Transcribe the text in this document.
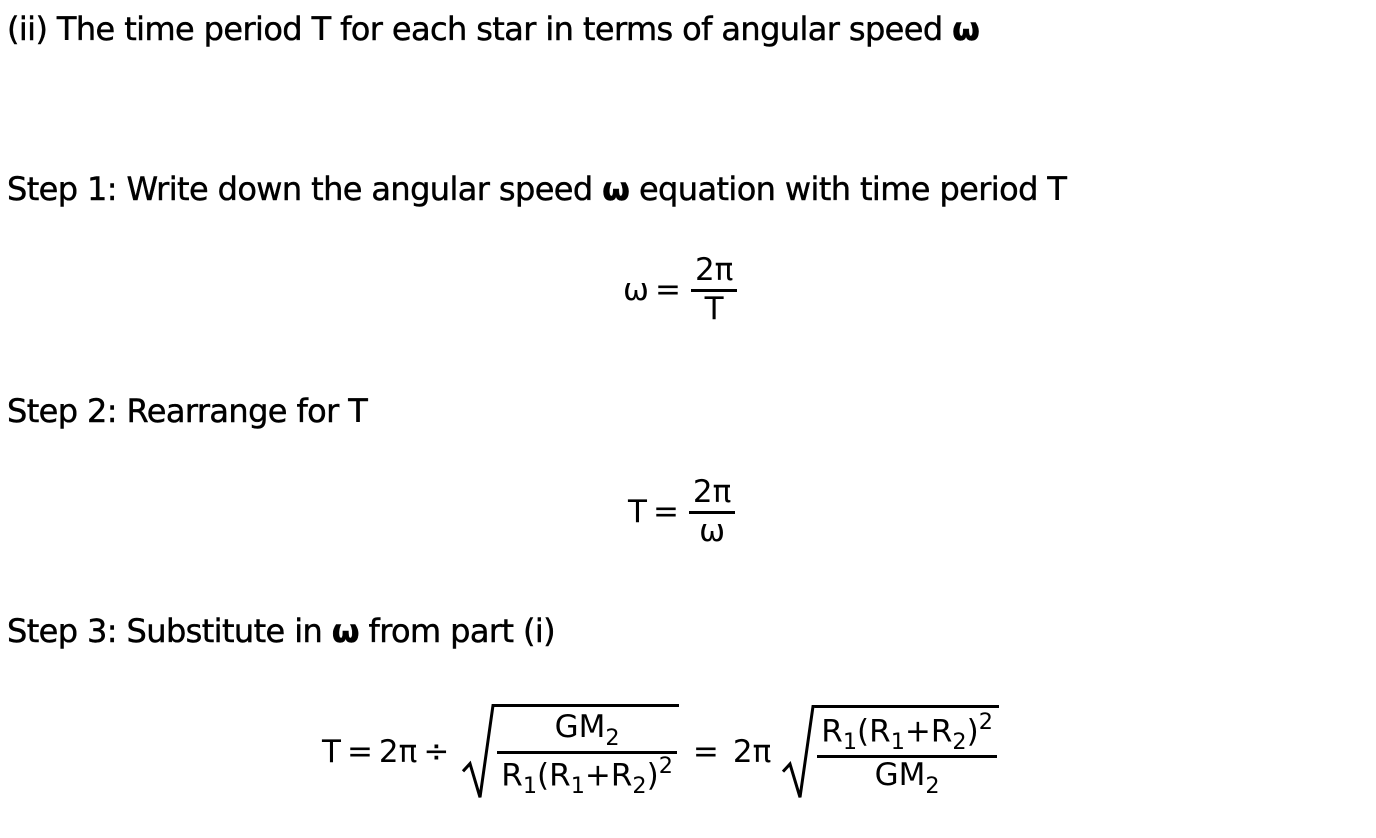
(ii) The time period T for each star in terms of angular speed ω
Step 1: Write down the angular speed ω equation with time period T
$\omega = \frac{2\pi}{T}$
Step 2: Rearrange for T
$T = \frac{2\pi}{\omega}$
Step 3: Substitute in ω from part (i)
$T = 2\pi \div \frac{GM_2}{R_1(R_1+R_2)^2} = 2\pi \frac{R_1(R_1+R_2)^2}{GM_2}$
